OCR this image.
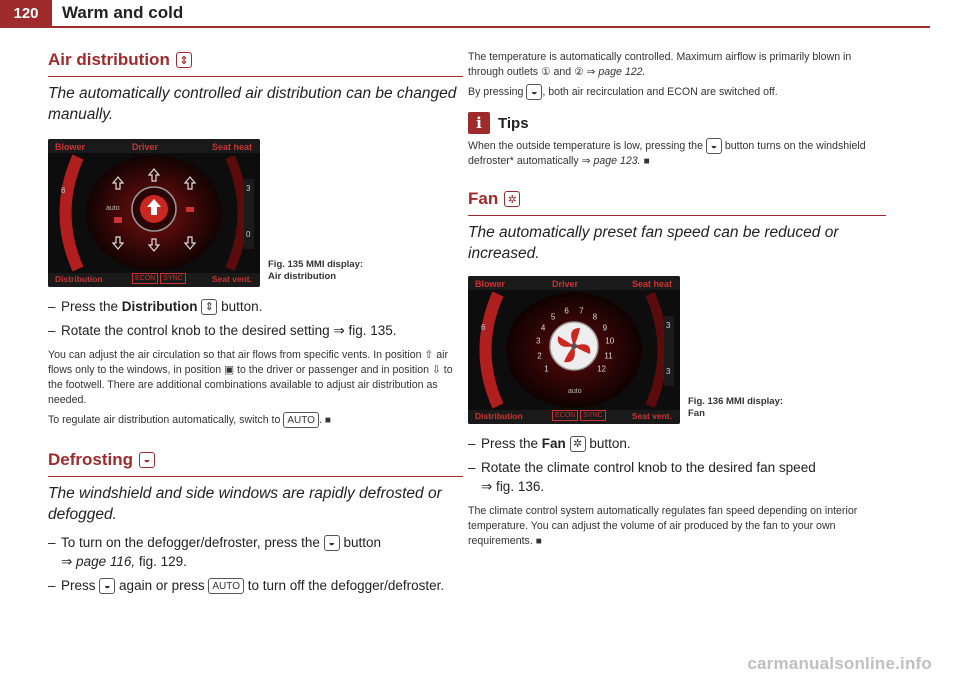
120	Warm and cold
Air distribution ⇕

The automatically controlled air distribution can be changed manually.

6	3
0
Blower	Driver	Seat heat
auto
Distribution	ECON	SYNC	Seat vent.
Fig. 135 MMI display: Air distribution

– Press the Distribution ⇕ button.

– Rotate the control knob to the desired setting ⇒ fig. 135.

You can adjust the air circulation so that air flows from specific vents. In position ⇧ air flows only to the windows, in position ▣ to the driver or passenger and in position ⇩ to the footwell. There are additional combinations available to adjust air distribution as needed.

To regulate air distribution automatically, switch to AUTO . ■

Defrosting ◒

The windshield and side windows are rapidly defrosted or defogged.

– To turn on the defogger/defroster, press the ◒ button
⇒ page 116, fig. 129.

– Press ◒ again or press AUTO to turn off the defogger/defroster.

The temperature is automatically controlled. Maximum airflow is primarily blown in through outlets ① and ② ⇒ page 122.

By pressing ◒ , both air recirculation and ECON are switched off.

i	Tips

When the outside temperature is low, pressing the ◒ button turns on the windshield defroster* automatically ⇒ page 123. ■

Fan ✲

The automatically preset fan speed can be reduced or increased.

6	3
3
Blower	Driver	Seat heat
auto
1
2
3
4
5
6 7
8
9
10
11
12
Distribution	ECON	SYNC	Seat vent.
Fig. 136 MMI display: Fan

– Press the Fan ✲ button.

– Rotate the climate control knob to the desired fan speed
⇒ fig. 136.

The climate control system automatically regulates fan speed depending on interior temperature. You can adjust the volume of air produced by the fan to your own requirements. ■

carmanualsonline.info
